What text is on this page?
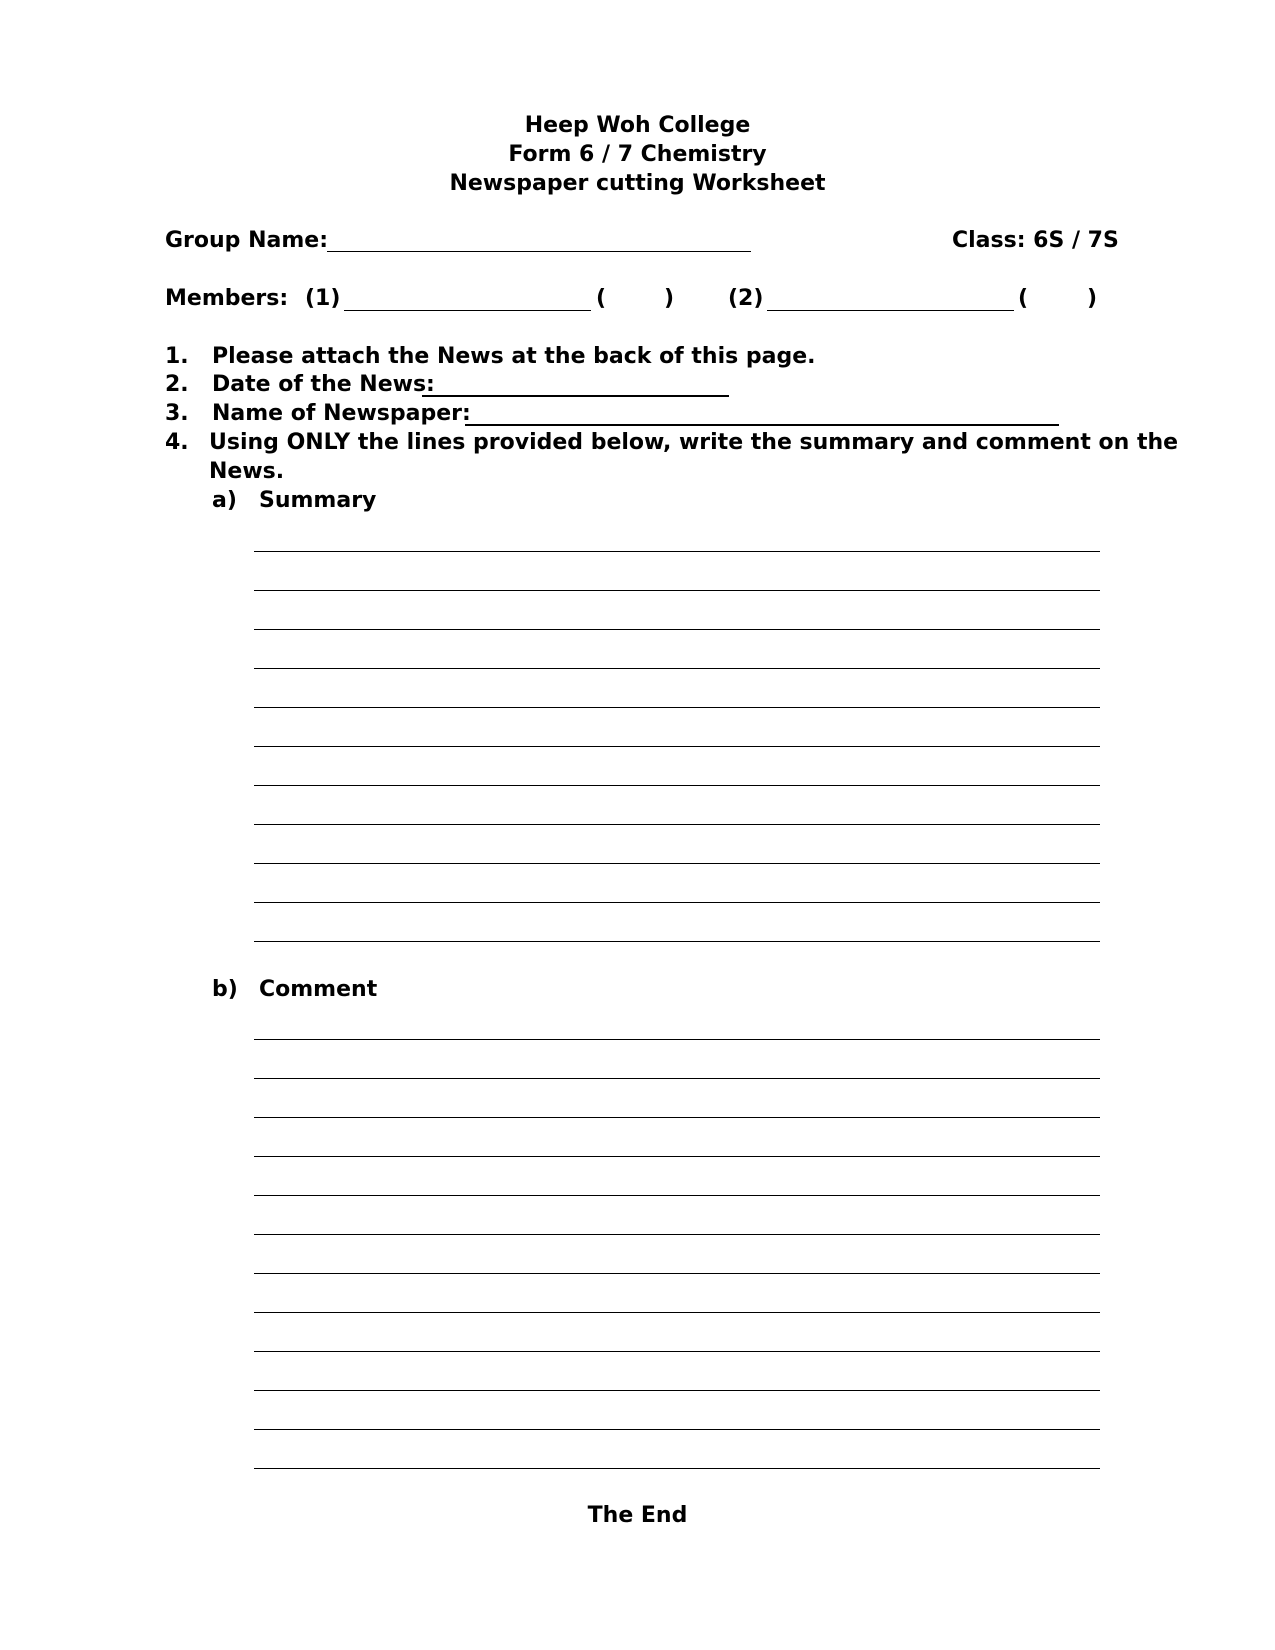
Heep Woh College
Form 6 / 7 Chemistry
Newspaper cutting Worksheet
Group Name:	Class: 6S / 7S
Members: (1)	(	) (2)	(	)
1. Please attach the News at the back of this page.
2. Date of the News:
3. Name of Newspaper:
4. Using ONLY the lines provided below, write the summary and comment on the
News.
a) Summary
b) Comment
The End
